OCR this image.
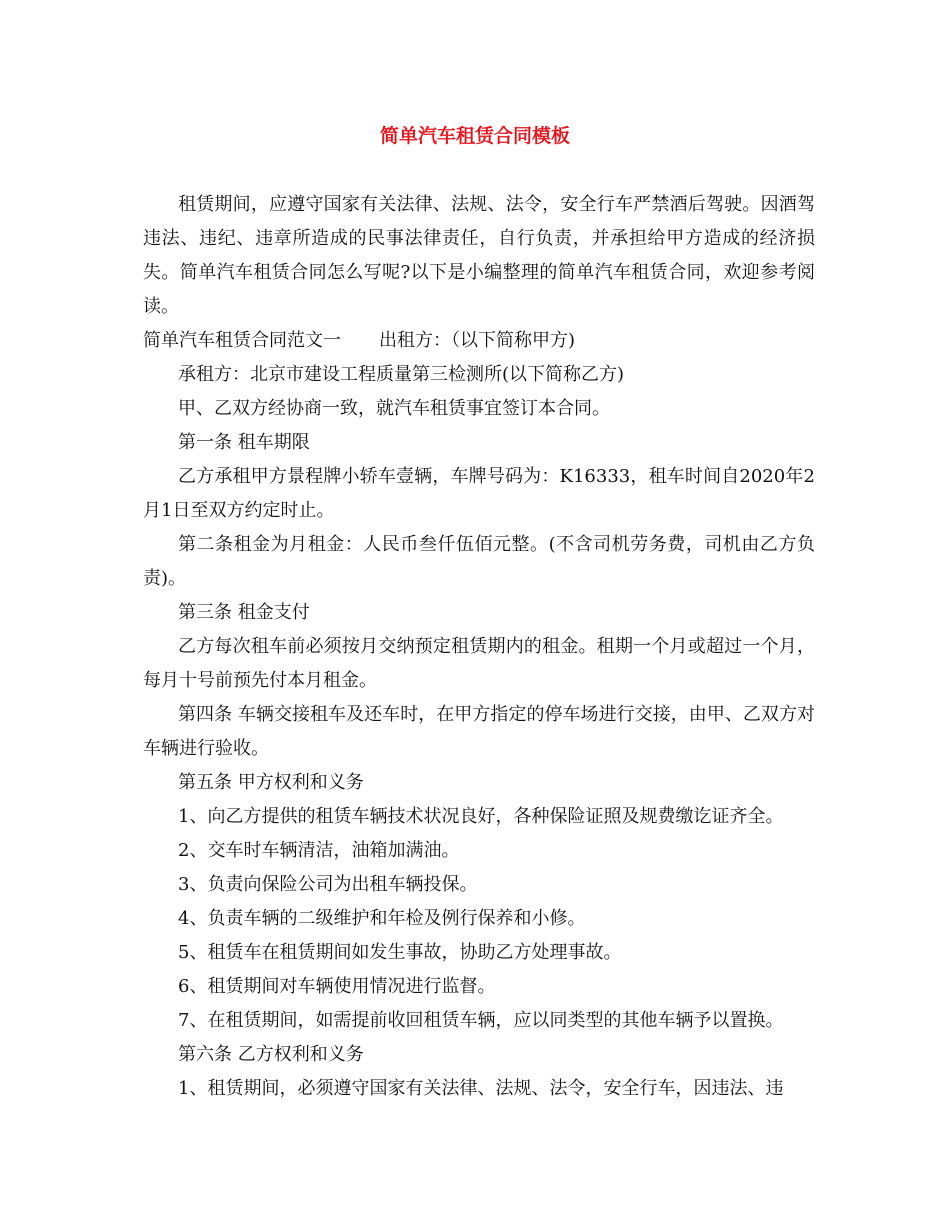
简单汽车租赁合同模板

租赁期间，应遵守国家有关法律、法规、法令，安全行车严禁酒后驾驶。因酒驾违法、违纪、违章所造成的民事法律责任，自行负责，并承担给甲方造成的经济损失。简单汽车租赁合同怎么写呢?以下是小编整理的简单汽车租赁合同，欢迎参考阅读。

简单汽车租赁合同范文一 出租方：（以下简称甲方)

承租方：北京市建设工程质量第三检测所(以下简称乙方)

甲、乙双方经协商一致，就汽车租赁事宜签订本合同。

第一条 租车期限

乙方承租甲方景程牌小轿车壹辆，车牌号码为：K16333，租车时间自2020年2月1日至双方约定时止。

第二条租金为月租金：人民币叁仟伍佰元整。(不含司机劳务费，司机由乙方负责)。

第三条 租金支付

乙方每次租车前必须按月交纳预定租赁期内的租金。租期一个月或超过一个月，每月十号前预先付本月租金。

第四条 车辆交接租车及还车时，在甲方指定的停车场进行交接，由甲、乙双方对车辆进行验收。

第五条 甲方权利和义务

1、向乙方提供的租赁车辆技术状况良好，各种保险证照及规费缴讫证齐全。

2、交车时车辆清洁，油箱加满油。

3、负责向保险公司为出租车辆投保。

4、负责车辆的二级维护和年检及例行保养和小修。

5、租赁车在租赁期间如发生事故，协助乙方处理事故。

6、租赁期间对车辆使用情况进行监督。

7、在租赁期间，如需提前收回租赁车辆，应以同类型的其他车辆予以置换。

第六条 乙方权利和义务

1、租赁期间，必须遵守国家有关法律、法规、法令，安全行车，因违法、违
